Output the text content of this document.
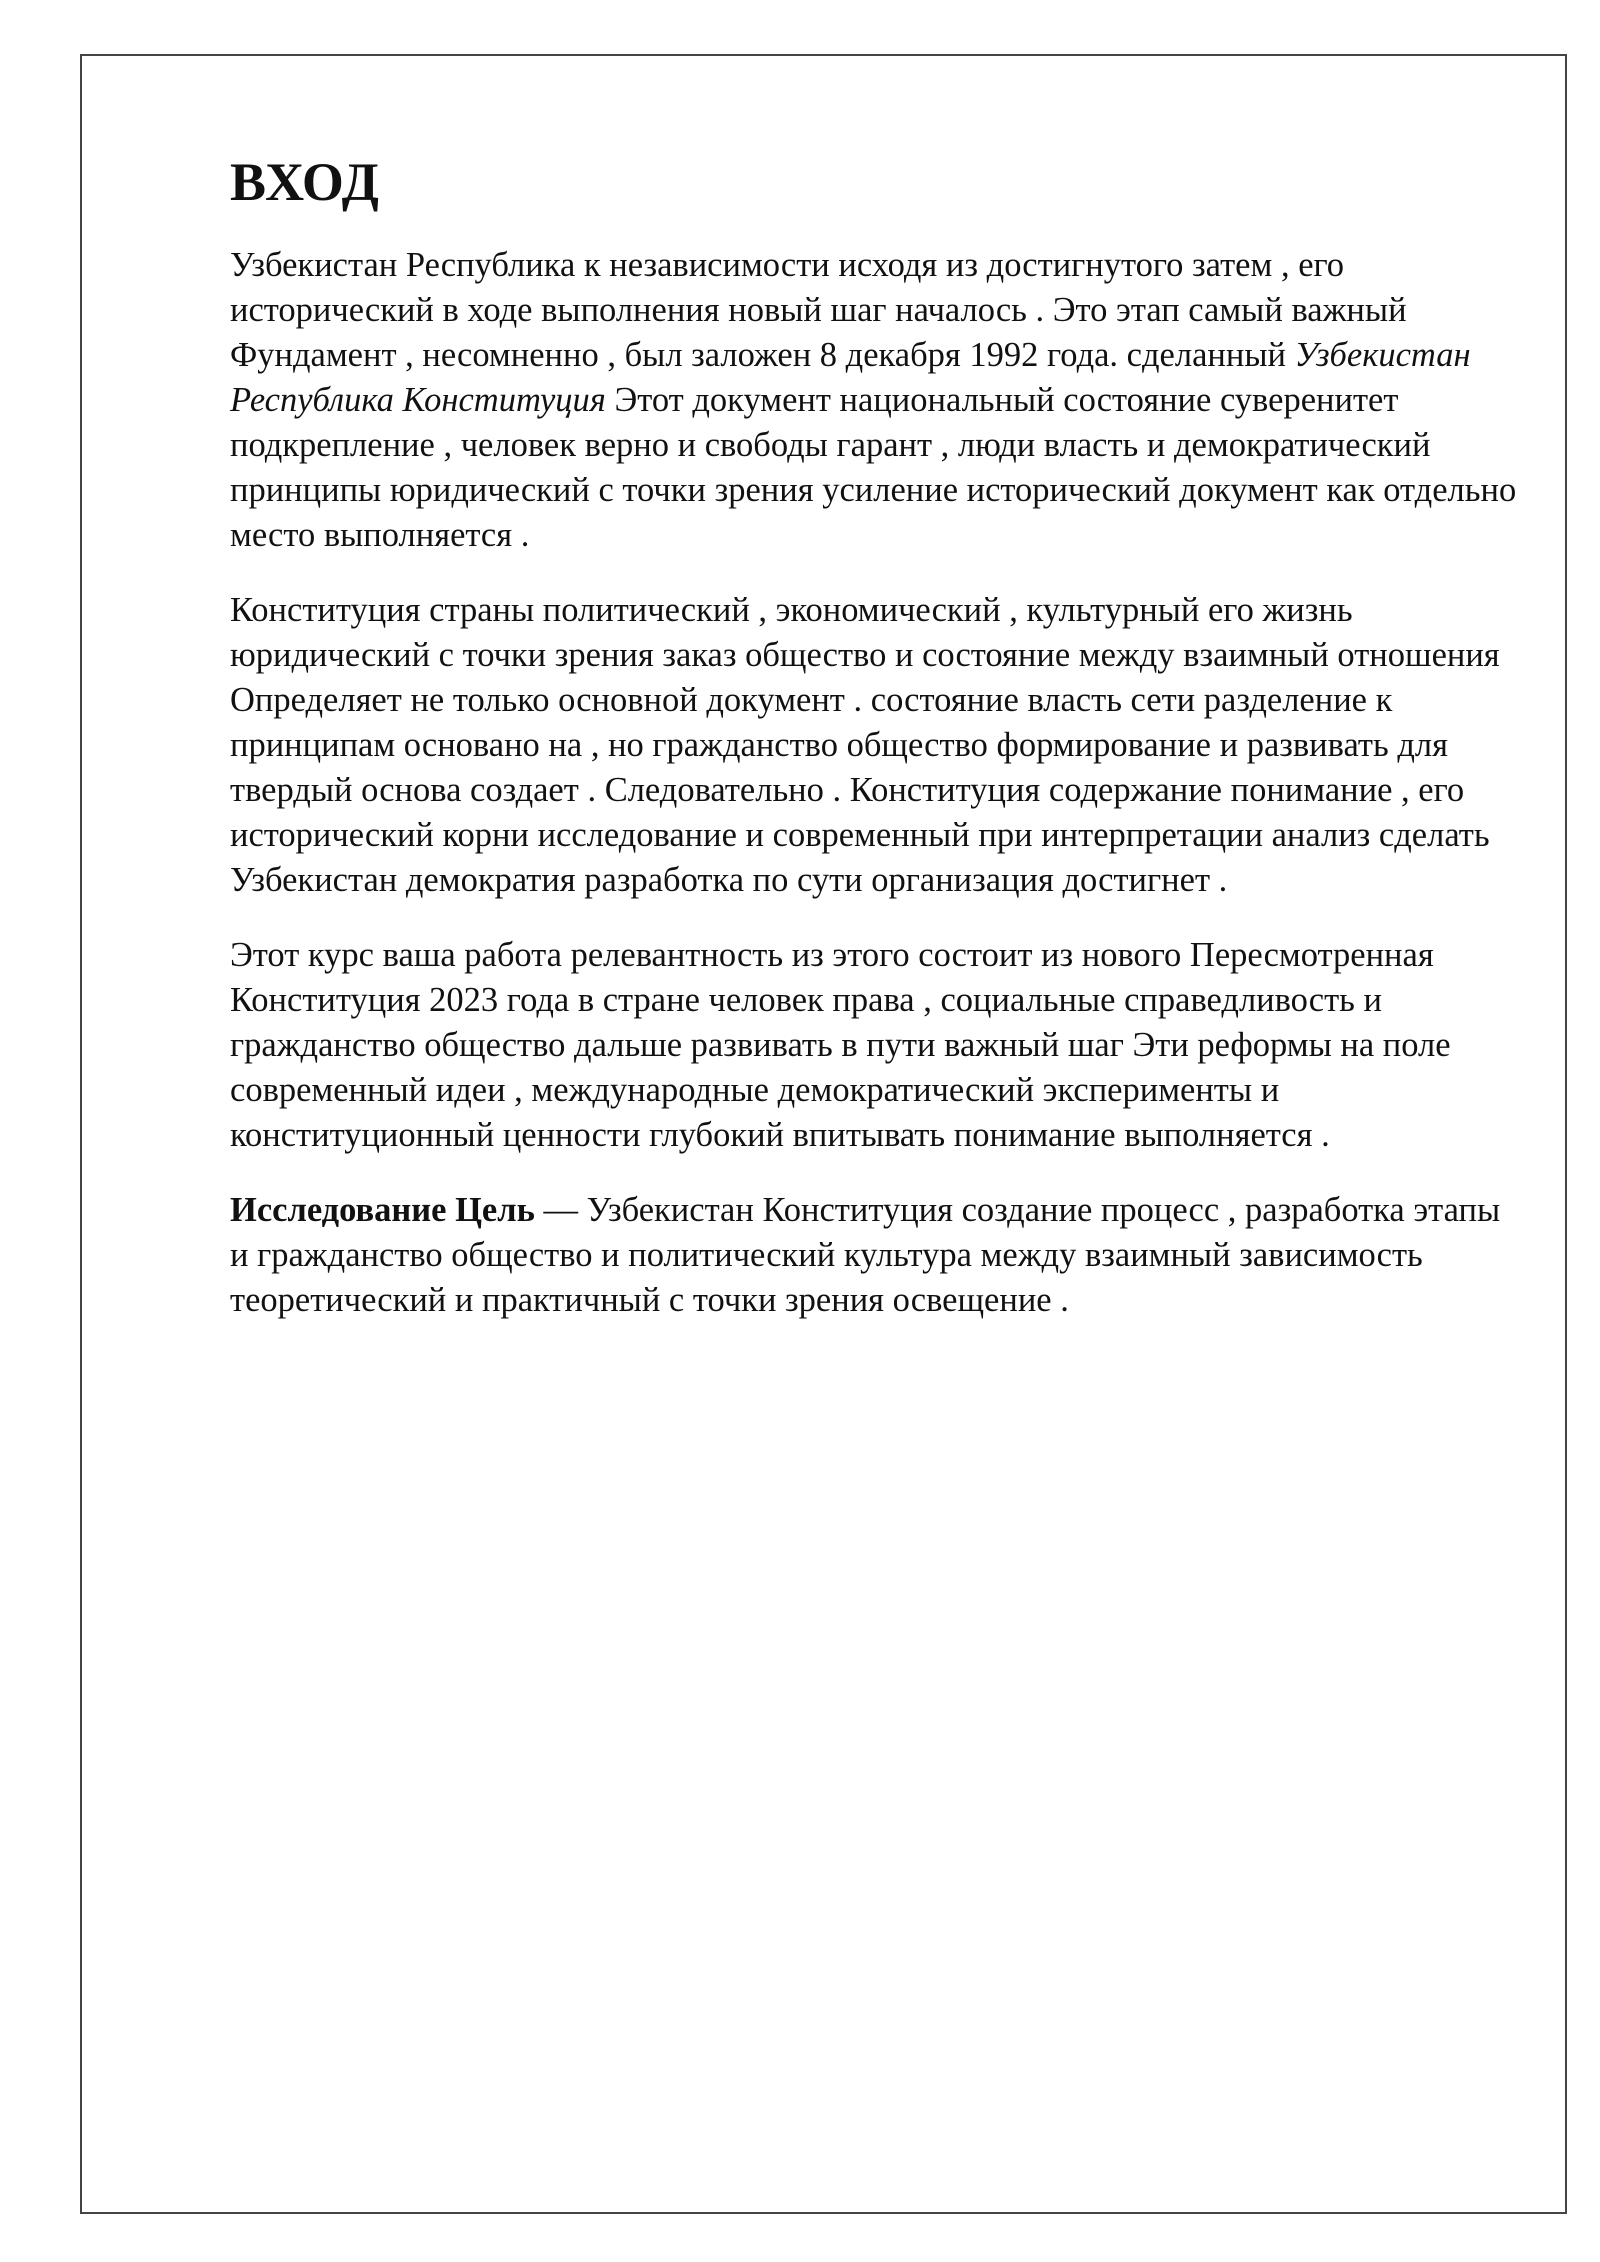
ВХОД

Узбекистан Республика к независимости исходя из достигнутого затем , его исторический в ходе выполнения новый шаг началось . Это этап самый важный Фундамент , несомненно , был заложен 8 декабря 1992 года. сделанный Узбекистан Республика Конституция Этот документ национальный состояние суверенитет подкрепление , человек верно и свободы гарант , люди власть и демократический принципы юридический с точки зрения усиление исторический документ как отдельно место выполняется .

Конституция страны политический , экономический , культурный его жизнь юридический с точки зрения заказ общество и состояние между взаимный отношения Определяет не только основной документ . состояние власть сети разделение к принципам основано на , но гражданство общество формирование и развивать для твердый основа создает . Следовательно . Конституция содержание понимание , его исторический корни исследование и современный при интерпретации анализ сделать Узбекистан демократия разработка по сути организация достигнет .

Этот курс ваша работа релевантность из этого состоит из нового Пересмотренная Конституция 2023 года в стране человек права , социальные справедливость и гражданство общество дальше развивать в пути важный шаг Эти реформы на поле современный идеи , международные демократический эксперименты и конституционный ценности глубокий впитывать понимание выполняется .

Исследование Цель — Узбекистан Конституция создание процесс , разработка этапы и гражданство общество и политический культура между взаимный зависимость теоретический и практичный с точки зрения освещение .
